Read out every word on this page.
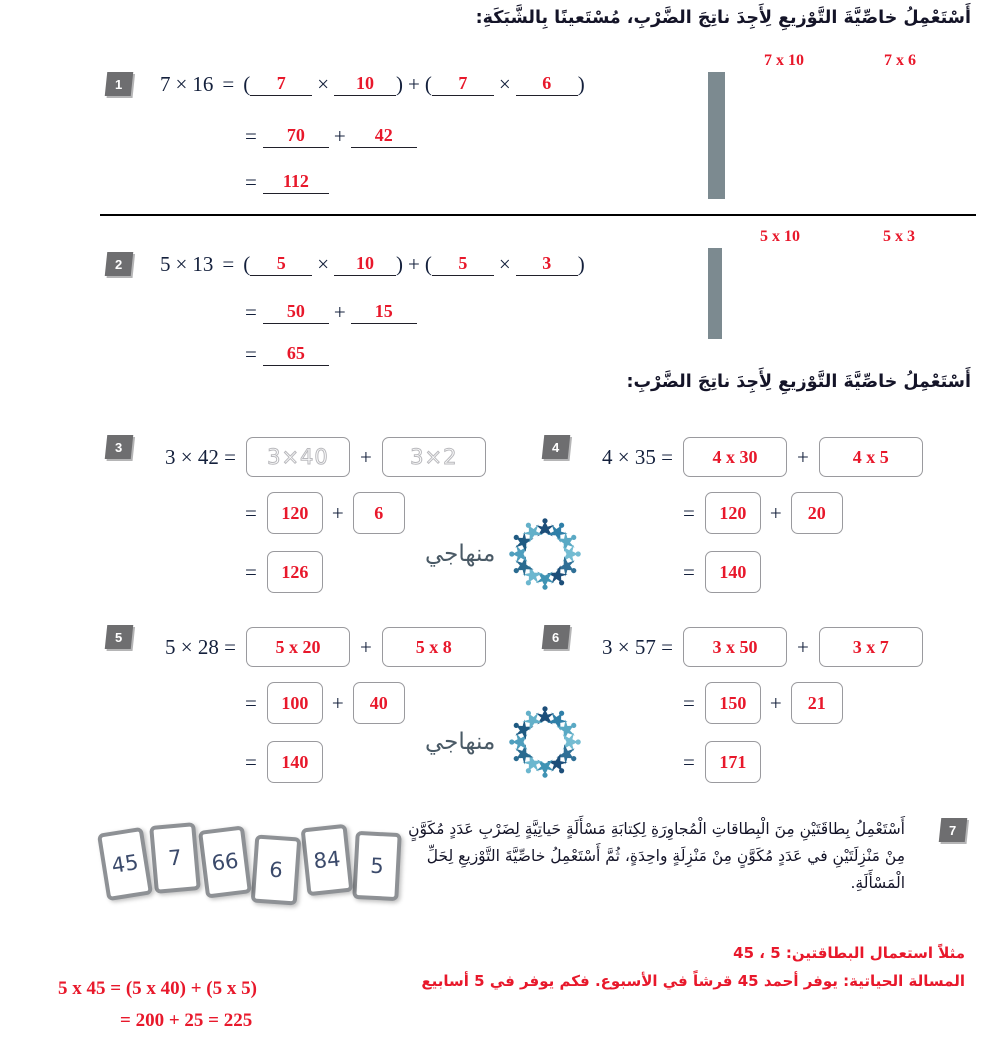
أَسْتَعْمِلُ خاصِّيَّةَ التَّوْزيعِ لِأَجِدَ ناتِجَ الضَّرْبِ، مُسْتَعينًا بِالشَّبَكَةِ:
1 7 × 16 = (	7	×	10	) + (	7	×	6	)
=	70	+	42
=	112
7 x 10	7 x 6

2 5 × 13 = (	5	×	10	) + (	5	×	3	)
=	50	+	15
=	65
5 x 10	5 x 3

أَسْتَعْمِلُ خاصِّيَّةَ التَّوْزيعِ لِأَجِدَ ناتِجَ الضَّرْبِ:
3 3 × 42 = 3×40 + 3×2
=	120	+	6
=	126
4 4 × 35 =	4 x 30	+	4 x 5
=	120	+	20
=	140
منهاجي
5 5 × 28 =	5 x 20	+	5 x 8
=	100	+	40
=	140
6 3 × 57 =	3 x 50	+	3 x 7
=	150	+	21
=	171
منهاجي
7
أَسْتَعْمِلُ بِطاقَتَيْنِ مِنَ الْبِطاقاتِ الْمُجاوِرَةِ لِكِتابَةِ مَسْأَلَةٍ حَياتِيَّةٍ لِضَرْبِ عَدَدٍ مُكَوَّنٍ مِنْ مَنْزِلَتَيْنِ في عَدَدٍ مُكَوَّنٍ مِنْ مَنْزِلَةٍ واحِدَةٍ، ثُمَّ أَسْتَعْمِلُ خاصِّيَّةَ التَّوْزيعِ لِحَلِّ الْمَسْأَلَةِ.
45 7 66 6 84 5
مثلاً استعمال البطاقتين: 5 ، 45
المسالة الحياتية: يوفر أحمد 45 قرشاً في الأسبوع. فكم يوفر في 5 أسابيع
5 x 45 = (5 x 40) + (5 x 5)
= 200 + 25 = 225
